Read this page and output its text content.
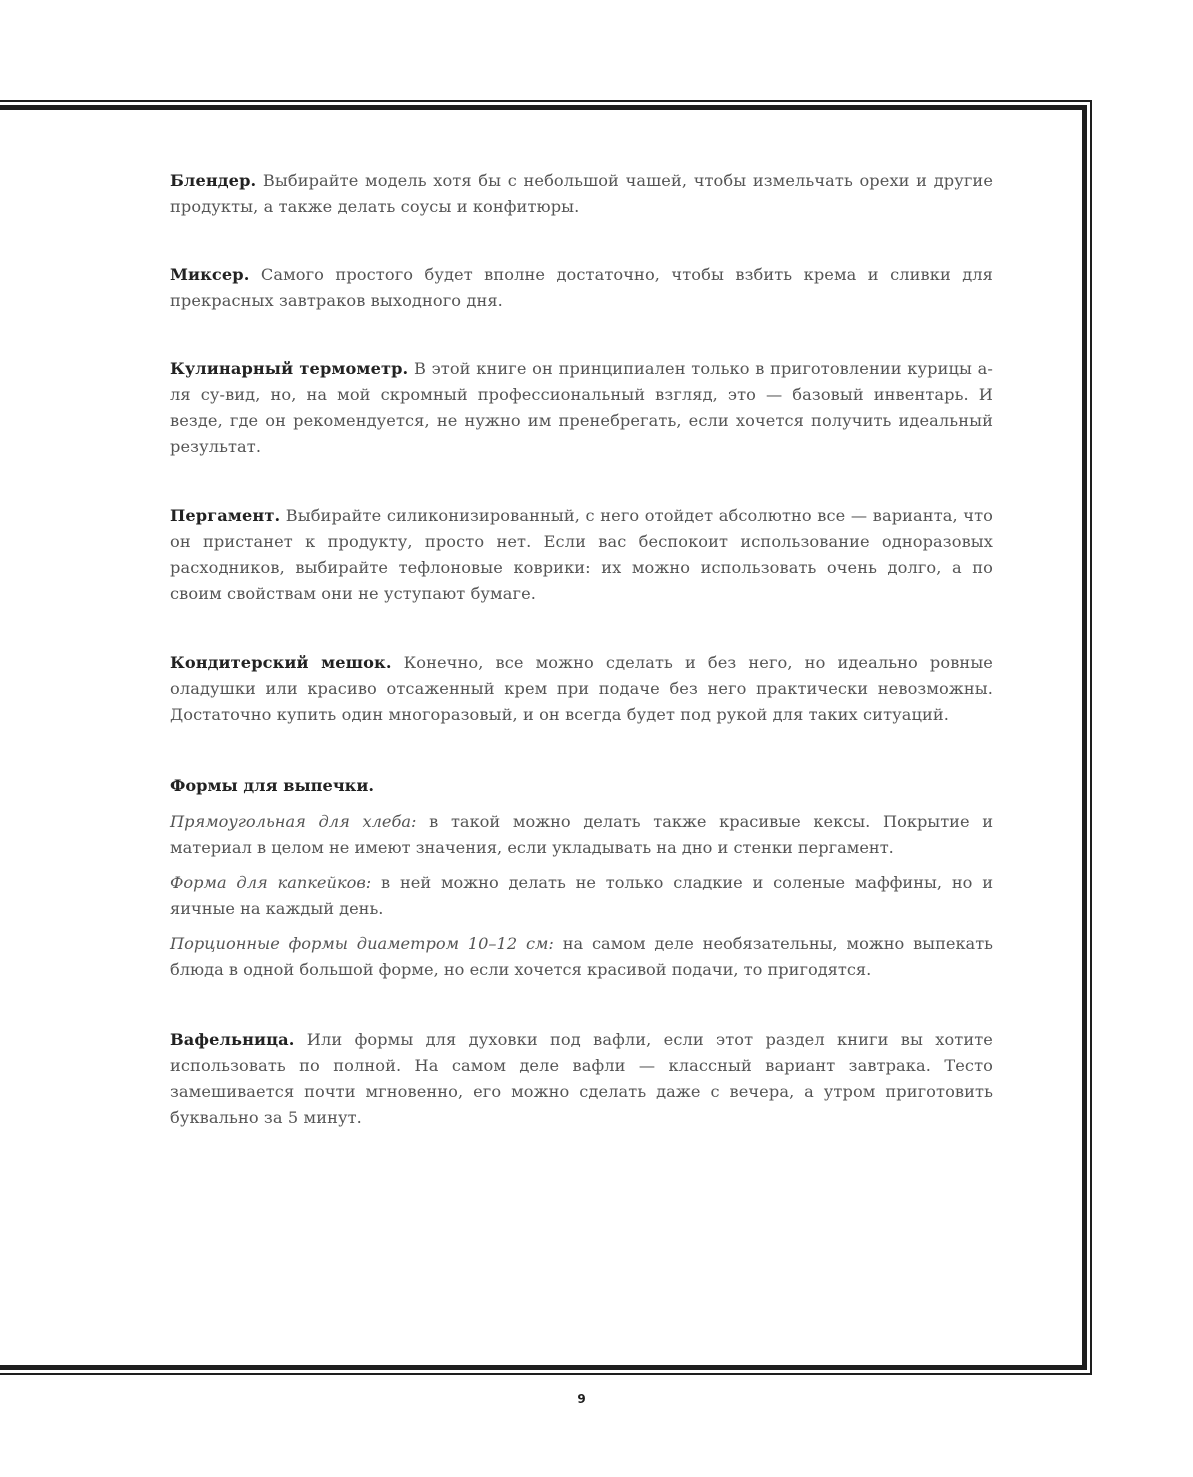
Блендер. Выбирайте модель хотя бы с небольшой чашей, чтобы измельчать орехи и другие продукты, а также делать соусы и конфитюры.

Миксер. Самого простого будет вполне достаточно, чтобы взбить крема и сливки для прекрасных завтраков выходного дня.

Кулинарный термометр. В этой книге он принципиален только в приготовлении курицы а-ля су-вид, но, на мой скромный профессиональный взгляд, это — базовый инвентарь. И везде, где он рекомендуется, не нужно им пренебрегать, если хочется получить идеальный результат.

Пергамент. Выбирайте силиконизированный, с него отойдет абсолютно все — варианта, что он пристанет к продукту, просто нет. Если вас беспокоит использование одноразовых расходников, выбирайте тефлоновые коврики: их можно использовать очень долго, а по своим свойствам они не уступают бумаге.

Кондитерский мешок. Конечно, все можно сделать и без него, но идеально ровные оладушки или красиво отсаженный крем при подаче без него практически невозможны. Достаточно купить один многоразовый, и он всегда будет под рукой для таких ситуаций.

Формы для выпечки.

Прямоугольная для хлеба: в такой можно делать также красивые кексы. Покрытие и материал в целом не имеют значения, если укладывать на дно и стенки пергамент.

Форма для капкейков: в ней можно делать не только сладкие и соленые маффины, но и яичные на каждый день.

Порционные формы диаметром 10–12 см: на самом деле необязательны, можно выпекать блюда в одной большой форме, но если хочется красивой подачи, то пригодятся.

Вафельница. Или формы для духовки под вафли, если этот раздел книги вы хотите использовать по полной. На самом деле вафли — классный вариант завтрака. Тесто замешивается почти мгновенно, его можно сделать даже с вечера, а утром приготовить буквально за 5 минут.

9
